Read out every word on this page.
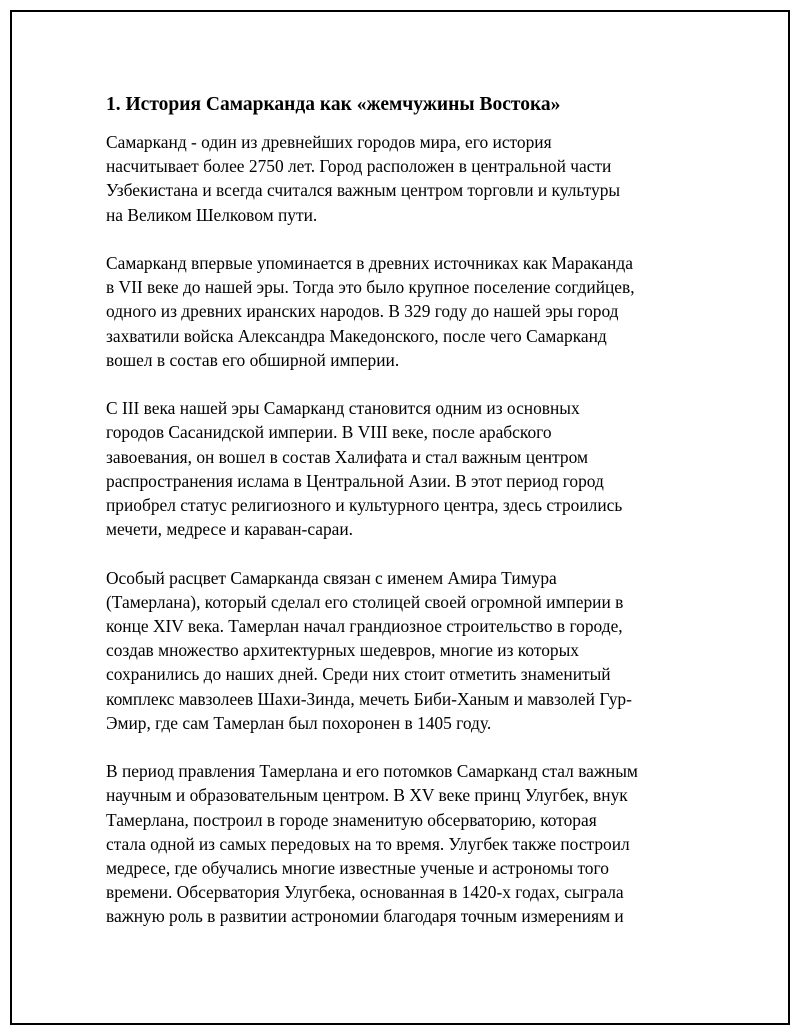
1. История Самарканда как «жемчужины Востока»
Самарканд - один из древнейших городов мира, его история
насчитывает более 2750 лет. Город расположен в центральной части
Узбекистана и всегда считался важным центром торговли и культуры
на Великом Шелковом пути.
Самарканд впервые упоминается в древних источниках как Мараканда
в VII веке до нашей эры. Тогда это было крупное поселение согдийцев,
одного из древних иранских народов. В 329 году до нашей эры город
захватили войска Александра Македонского, после чего Самарканд
вошел в состав его обширной империи.
С III века нашей эры Самарканд становится одним из основных
городов Сасанидской империи. В VIII веке, после арабского
завоевания, он вошел в состав Халифата и стал важным центром
распространения ислама в Центральной Азии. В этот период город
приобрел статус религиозного и культурного центра, здесь строились
мечети, медресе и караван-сараи.
Особый расцвет Самарканда связан с именем Амира Тимура
(Тамерлана), который сделал его столицей своей огромной империи в
конце XIV века. Тамерлан начал грандиозное строительство в городе,
создав множество архитектурных шедевров, многие из которых
сохранились до наших дней. Среди них стоит отметить знаменитый
комплекс мавзолеев Шахи-Зинда, мечеть Биби-Ханым и мавзолей Гур-
Эмир, где сам Тамерлан был похоронен в 1405 году.
В период правления Тамерлана и его потомков Самарканд стал важным
научным и образовательным центром. В XV веке принц Улугбек, внук
Тамерлана, построил в городе знаменитую обсерваторию, которая
стала одной из самых передовых на то время. Улугбек также построил
медресе, где обучались многие известные ученые и астрономы того
времени. Обсерватория Улугбека, основанная в 1420-х годах, сыграла
важную роль в развитии астрономии благодаря точным измерениям и
